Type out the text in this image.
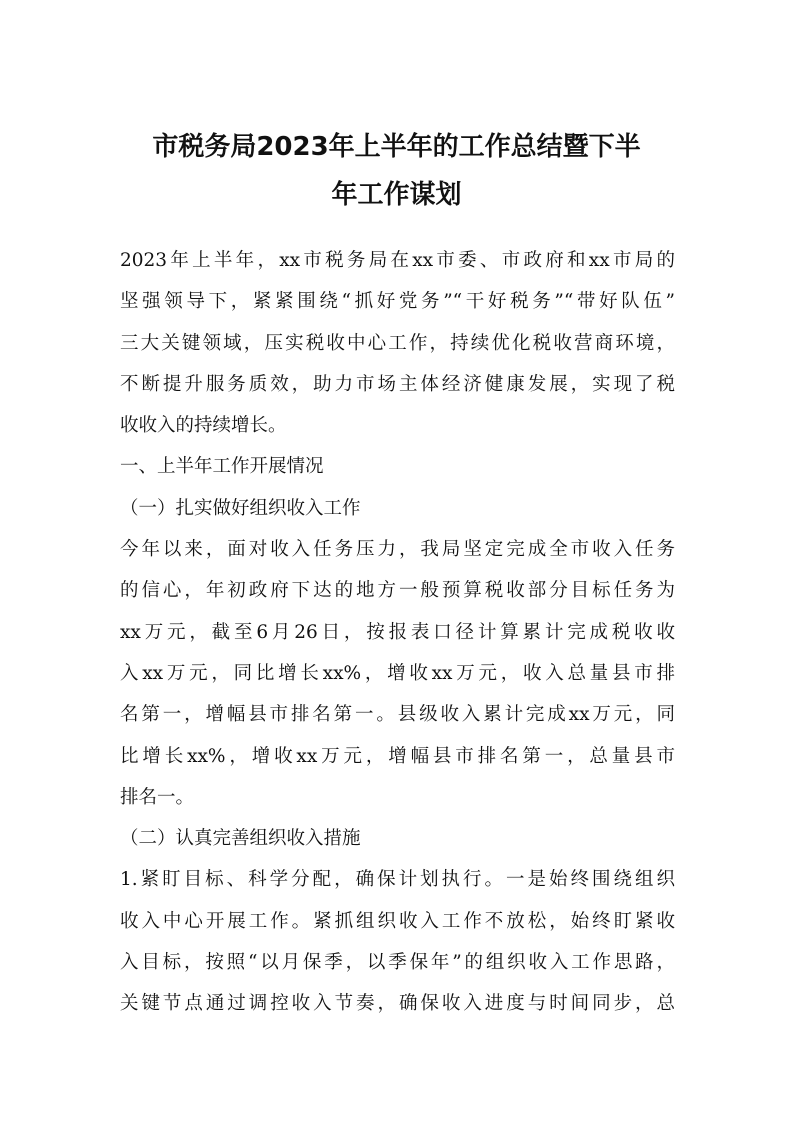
市税务局2023年上半年的工作总结暨下半
年工作谋划
2023年上半年，xx市税务局在xx市委、市政府和xx市局的
坚强领导下，紧紧围绕“抓好党务”“干好税务”“带好队伍”
三大关键领域，压实税收中心工作，持续优化税收营商环境，
不断提升服务质效，助力市场主体经济健康发展，实现了税
收收入的持续增长。
一、上半年工作开展情况
（一）扎实做好组织收入工作
今年以来，面对收入任务压力，我局坚定完成全市收入任务
的信心，年初政府下达的地方一般预算税收部分目标任务为
xx万元，截至6月26日，按报表口径计算累计完成税收收
入xx万元，同比增长xx%，增收xx万元，收入总量县市排
名第一，增幅县市排名第一。县级收入累计完成xx万元，同
比增长xx%，增收xx万元，增幅县市排名第一，总量县市
排名一。
（二）认真完善组织收入措施
1.紧盯目标、科学分配，确保计划执行。一是始终围绕组织
收入中心开展工作。紧抓组织收入工作不放松，始终盯紧收
入目标，按照“以月保季，以季保年”的组织收入工作思路，
关键节点通过调控收入节奏，确保收入进度与时间同步，总
